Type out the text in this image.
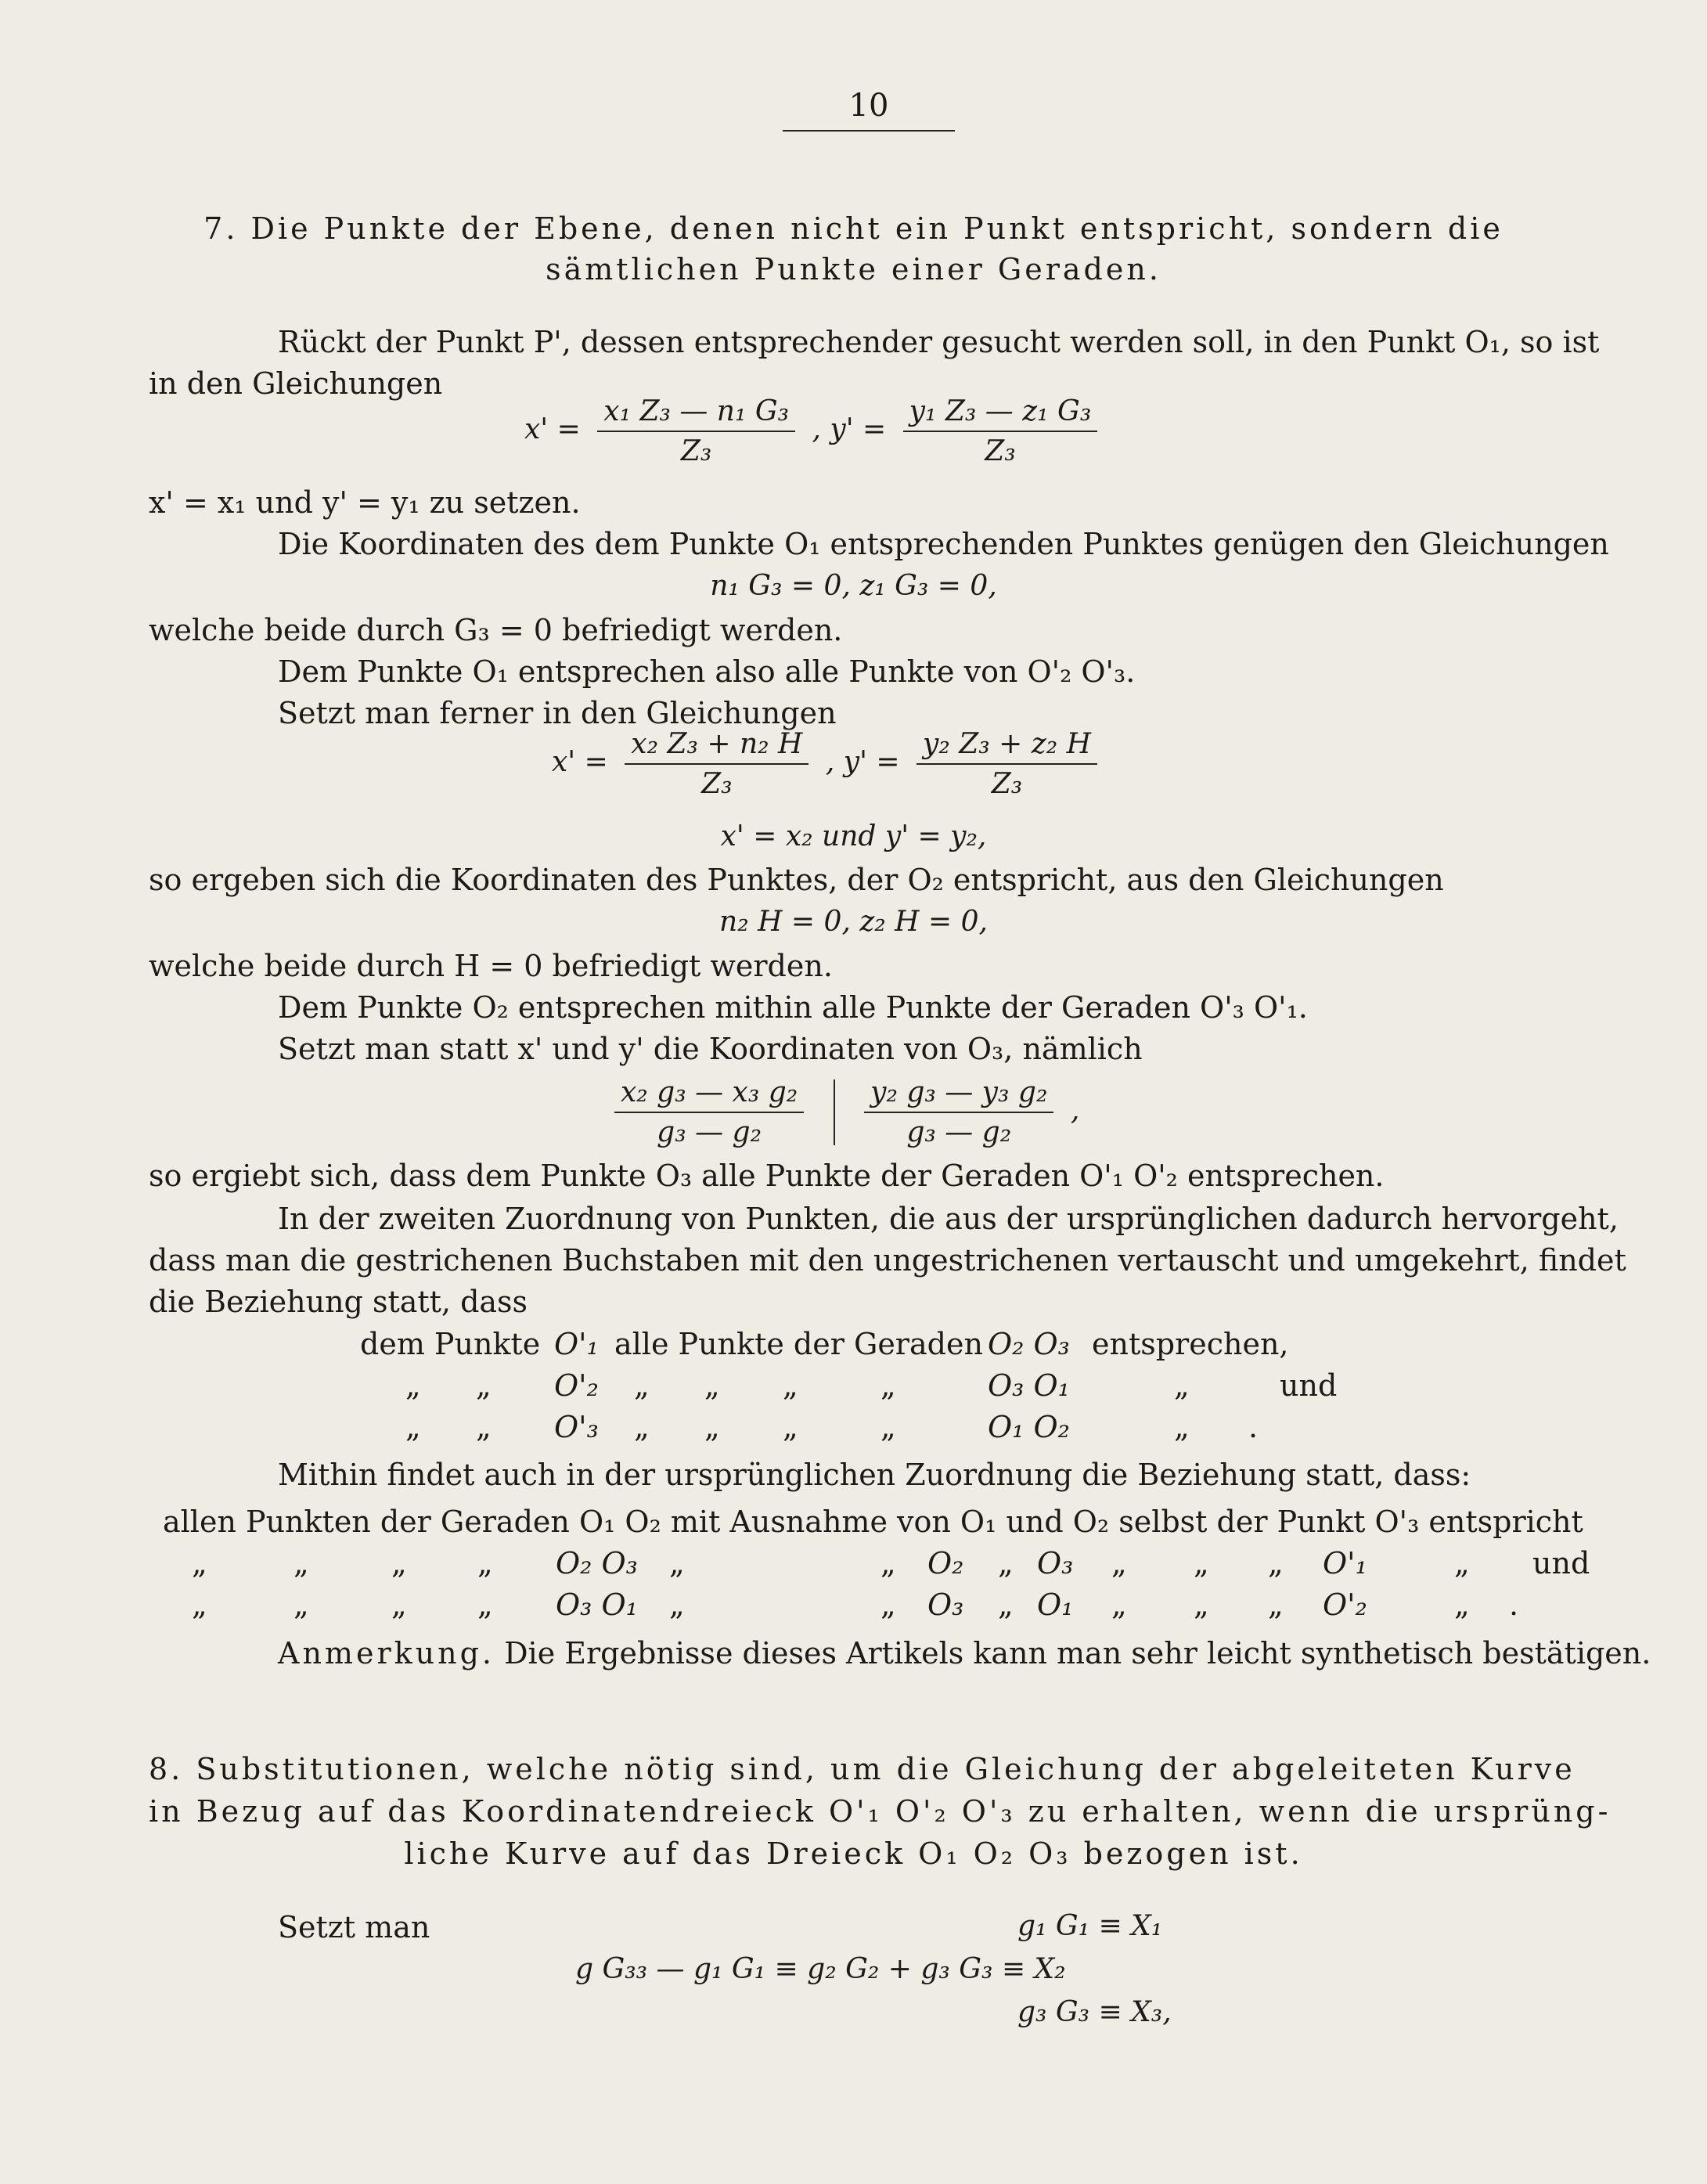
10
7. Die Punkte der Ebene, denen nicht ein Punkt entspricht, sondern die
sämtlichen Punkte einer Geraden.
Rückt der Punkt P', dessen entsprechender gesucht werden soll, in den Punkt O₁, so ist
in den Gleichungen
$x' = \frac{\text{x₁ Z₃ — n₁ G₃}}{\text{Z₃}}$ , $y' = \frac{\text{y₁ Z₃ — z₁ G₃}}{\text{Z₃}}$
x' = x₁ und y' = y₁ zu setzen.
Die Koordinaten des dem Punkte O₁ entsprechenden Punktes genügen den Gleichungen
n₁ G₃ = 0, z₁ G₃ = 0,
welche beide durch G₃ = 0 befriedigt werden.
Dem Punkte O₁ entsprechen also alle Punkte von O'₂ O'₃.
Setzt man ferner in den Gleichungen
$x' = \frac{\text{x₂ Z₃ + n₂ H}}{\text{Z₃}}$ , $y' = \frac{\text{y₂ Z₃ + z₂ H}}{\text{Z₃}}$
x' = x₂ und y' = y₂,
so ergeben sich die Koordinaten des Punktes, der O₂ entspricht, aus den Gleichungen
n₂ H = 0, z₂ H = 0,
welche beide durch H = 0 befriedigt werden.
Dem Punkte O₂ entsprechen mithin alle Punkte der Geraden O'₃ O'₁.
Setzt man statt x' und y' die Koordinaten von O₃, nämlich
$\frac{\text{x₂ g₃ — x₃ g₂}}{\text{g₃ — g₂}}$
$\frac{\text{y₂ g₃ — y₃ g₂}}{\text{g₃ — g₂}}$ ,
so ergiebt sich, dass dem Punkte O₃ alle Punkte der Geraden O'₁ O'₂ entsprechen.
In der zweiten Zuordnung von Punkten, die aus der ursprünglichen dadurch hervorgeht,
dass man die gestrichenen Buchstaben mit den ungestrichenen vertauscht und umgekehrt, findet
die Beziehung statt, dass
dem Punkte O'₁ alle Punkte der Geraden O₂ O₃ entsprechen,
„ „ O'₂ „ „ „	„	O₃ O₁	„	und
„ „ O'₃ „ „ „	„	O₁ O₂	„ .
Mithin findet auch in der ursprünglichen Zuordnung die Beziehung statt, dass:
allen Punkten der Geraden O₁ O₂ mit Ausnahme von O₁ und O₂ selbst der Punkt O'₃ entspricht
„	„	„ „ O₂ O₃ „	„ O₂ „ O₃ „ „ „ O'₁	„ und
„	„	„ „ O₃ O₁ „	„ O₃ „ O₁ „ „ „ O'₂	„ .
Anmerkung. Die Ergebnisse dieses Artikels kann man sehr leicht synthetisch bestätigen.
8. Substitutionen, welche nötig sind, um die Gleichung der abgeleiteten Kurve
in Bezug auf das Koordinatendreieck O'₁ O'₂ O'₃ zu erhalten, wenn die ursprüng-
liche Kurve auf das Dreieck O₁ O₂ O₃ bezogen ist.
Setzt man	g₁ G₁ ≡ X₁
g G₃₃ — g₁ G₁ ≡ g₂ G₂ + g₃ G₃ ≡ X₂
g₃ G₃ ≡ X₃,
